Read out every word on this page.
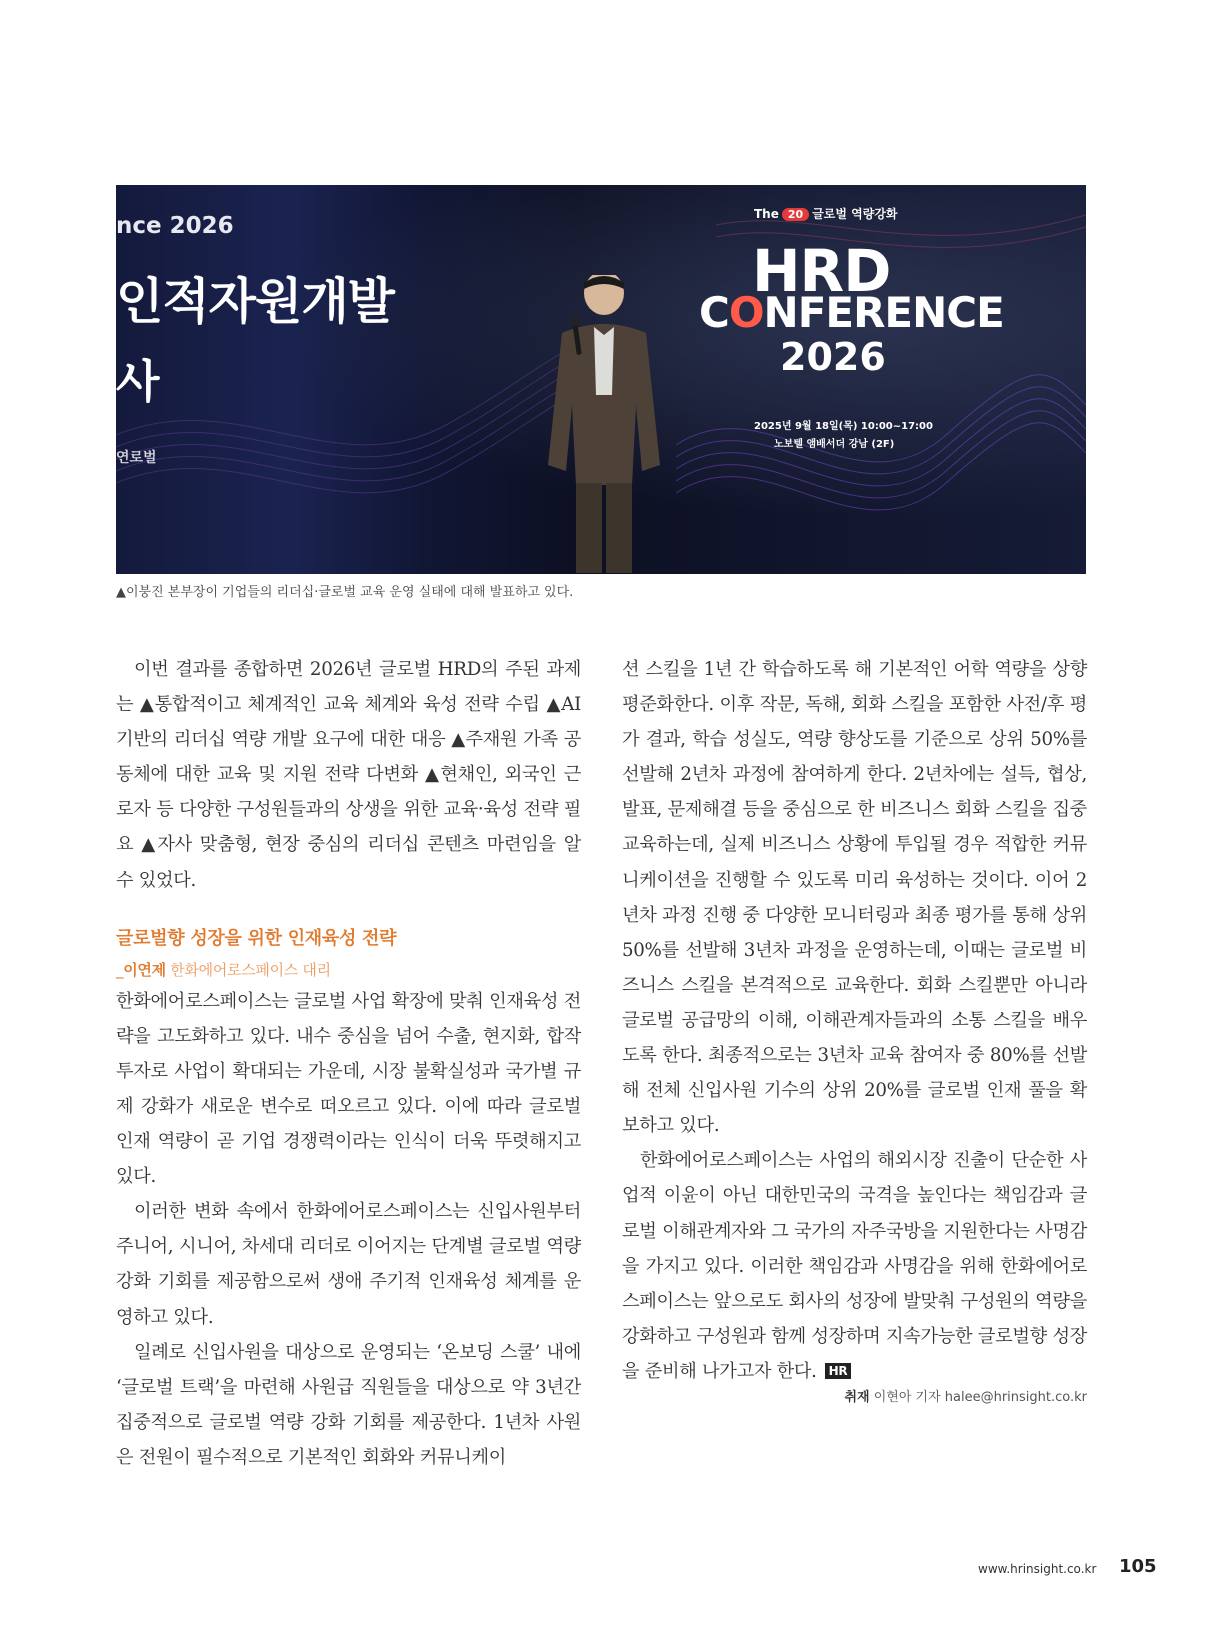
nce 2026
인적자원개발
사
연로벌
The 20 글로벌 역량강화
HRD
CONFERENCE
2026
2025년 9월 18일(목) 10:00~17:00
노보텔 앰배서더 강남 (2F)
▲이붕진 본부장이 기업들의 리더십·글로벌 교육 운영 실태에 대해 발표하고 있다.

이번 결과를 종합하면 2026년 글로벌 HRD의 주된 과제는 ▲통합적이고 체계적인 교육 체계와 육성 전략 수립 ▲AI 기반의 리더십 역량 개발 요구에 대한 대응 ▲주재원 가족 공동체에 대한 교육 및 지원 전략 다변화 ▲현채인, 외국인 근로자 등 다양한 구성원들과의 상생을 위한 교육·육성 전략 필요 ▲자사 맞춤형, 현장 중심의 리더십 콘텐츠 마련임을 알 수 있었다.

글로벌향 성장을 위한 인재육성 전략

_이연제 한화에어로스페이스 대리

한화에어로스페이스는 글로벌 사업 확장에 맞춰 인재육성 전략을 고도화하고 있다. 내수 중심을 넘어 수출, 현지화, 합작투자로 사업이 확대되는 가운데, 시장 불확실성과 국가별 규제 강화가 새로운 변수로 떠오르고 있다. 이에 따라 글로벌 인재 역량이 곧 기업 경쟁력이라는 인식이 더욱 뚜렷해지고 있다.

이러한 변화 속에서 한화에어로스페이스는 신입사원부터 주니어, 시니어, 차세대 리더로 이어지는 단계별 글로벌 역량 강화 기회를 제공함으로써 생애 주기적 인재육성 체계를 운영하고 있다.

일례로 신입사원을 대상으로 운영되는 ‘온보딩 스쿨’ 내에 ‘글로벌 트랙’을 마련해 사원급 직원들을 대상으로 약 3년간 집중적으로 글로벌 역량 강화 기회를 제공한다. 1년차 사원은 전원이 필수적으로 기본적인 회화와 커뮤니케이

션 스킬을 1년 간 학습하도록 해 기본적인 어학 역량을 상향평준화한다. 이후 작문, 독해, 회화 스킬을 포함한 사전/후 평가 결과, 학습 성실도, 역량 향상도를 기준으로 상위 50%를 선발해 2년차 과정에 참여하게 한다. 2년차에는 설득, 협상, 발표, 문제해결 등을 중심으로 한 비즈니스 회화 스킬을 집중 교육하는데, 실제 비즈니스 상황에 투입될 경우 적합한 커뮤니케이션을 진행할 수 있도록 미리 육성하는 것이다. 이어 2년차 과정 진행 중 다양한 모니터링과 최종 평가를 통해 상위 50%를 선발해 3년차 과정을 운영하는데, 이때는 글로벌 비즈니스 스킬을 본격적으로 교육한다. 회화 스킬뿐만 아니라 글로벌 공급망의 이해, 이해관계자들과의 소통 스킬을 배우도록 한다. 최종적으로는 3년차 교육 참여자 중 80%를 선발해 전체 신입사원 기수의 상위 20%를 글로벌 인재 풀을 확보하고 있다.

한화에어로스페이스는 사업의 해외시장 진출이 단순한 사업적 이윤이 아닌 대한민국의 국격을 높인다는 책임감과 글로벌 이해관계자와 그 국가의 자주국방을 지원한다는 사명감을 가지고 있다. 이러한 책임감과 사명감을 위해 한화에어로스페이스는 앞으로도 회사의 성장에 발맞춰 구성원의 역량을 강화하고 구성원과 함께 성장하며 지속가능한 글로벌향 성장을 준비해 나가고자 한다. HR

취재 이현아 기자 halee@hrinsight.co.kr
www.hrinsight.co.kr 105
